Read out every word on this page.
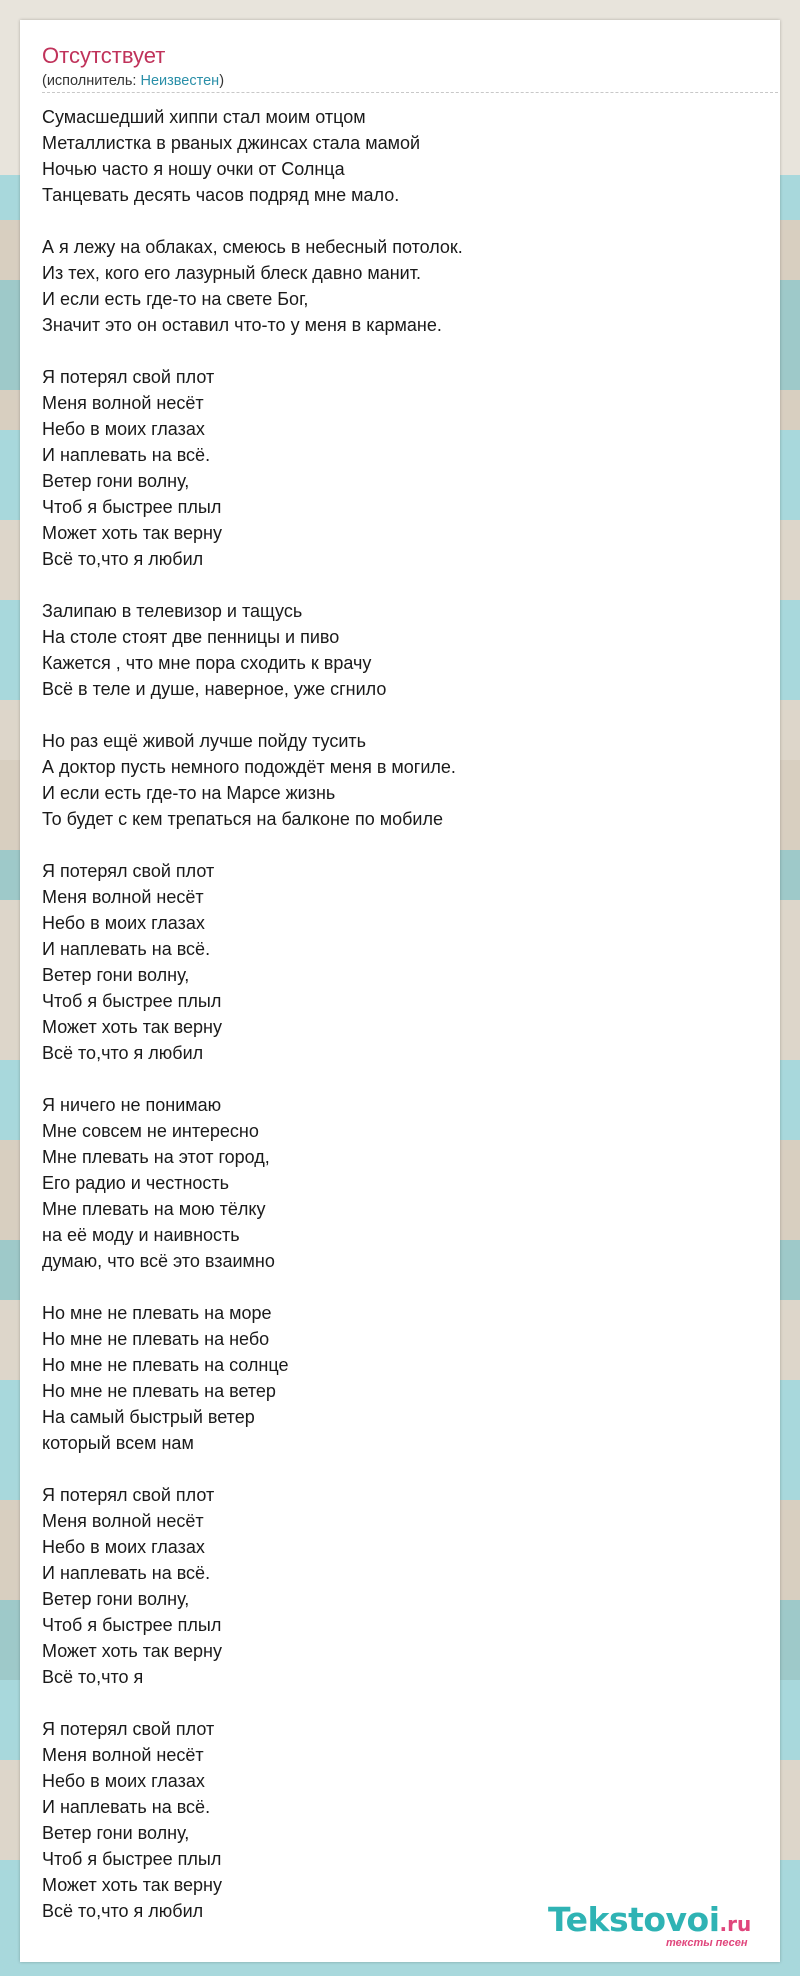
Отсутствует
(исполнитель: Неизвестен)
Сумасшедший хиппи стал моим отцом
Металлистка в рваных джинсах стала мамой
Ночью часто я ношу очки от Солнца
Танцевать десять часов подряд мне мало.
А я лежу на облаках, смеюсь в небесный потолок.
Из тех, кого его лазурный блеск давно манит.
И если есть где-то на свете Бог,
Значит это он оставил что-то у меня в кармане.
Я потерял свой плот
Меня волной несёт
Небо в моих глазах
И наплевать на всё.
Ветер гони волну,
Чтоб я быстрее плыл
Может хоть так верну
Всё то,что я любил
Залипаю в телевизор и тащусь
На столе стоят две пенницы и пиво
Кажется , что мне пора сходить к врачу
Всё в теле и душе, наверное, уже сгнило
Но раз ещё живой лучше пойду тусить
А доктор пусть немного подождёт меня в могиле.
И если есть где-то на Марсе жизнь
То будет с кем трепаться на балконе по мобиле
Я потерял свой плот
Меня волной несёт
Небо в моих глазах
И наплевать на всё.
Ветер гони волну,
Чтоб я быстрее плыл
Может хоть так верну
Всё то,что я любил
Я ничего не понимаю
Мне совсем не интересно
Мне плевать на этот город,
Его радио и честность
Мне плевать на мою тёлку
на её моду и наивность
думаю, что всё это взаимно
Но мне не плевать на море
Но мне не плевать на небо
Но мне не плевать на солнце
Но мне не плевать на ветер
На самый быстрый ветер
который всем нам
Я потерял свой плот
Меня волной несёт
Небо в моих глазах
И наплевать на всё.
Ветер гони волну,
Чтоб я быстрее плыл
Может хоть так верну
Всё то,что я
Я потерял свой плот
Меня волной несёт
Небо в моих глазах
И наплевать на всё.
Ветер гони волну,
Чтоб я быстрее плыл
Может хоть так верну
Всё то,что я любил	Tekstovoi.ru
тексты песен
